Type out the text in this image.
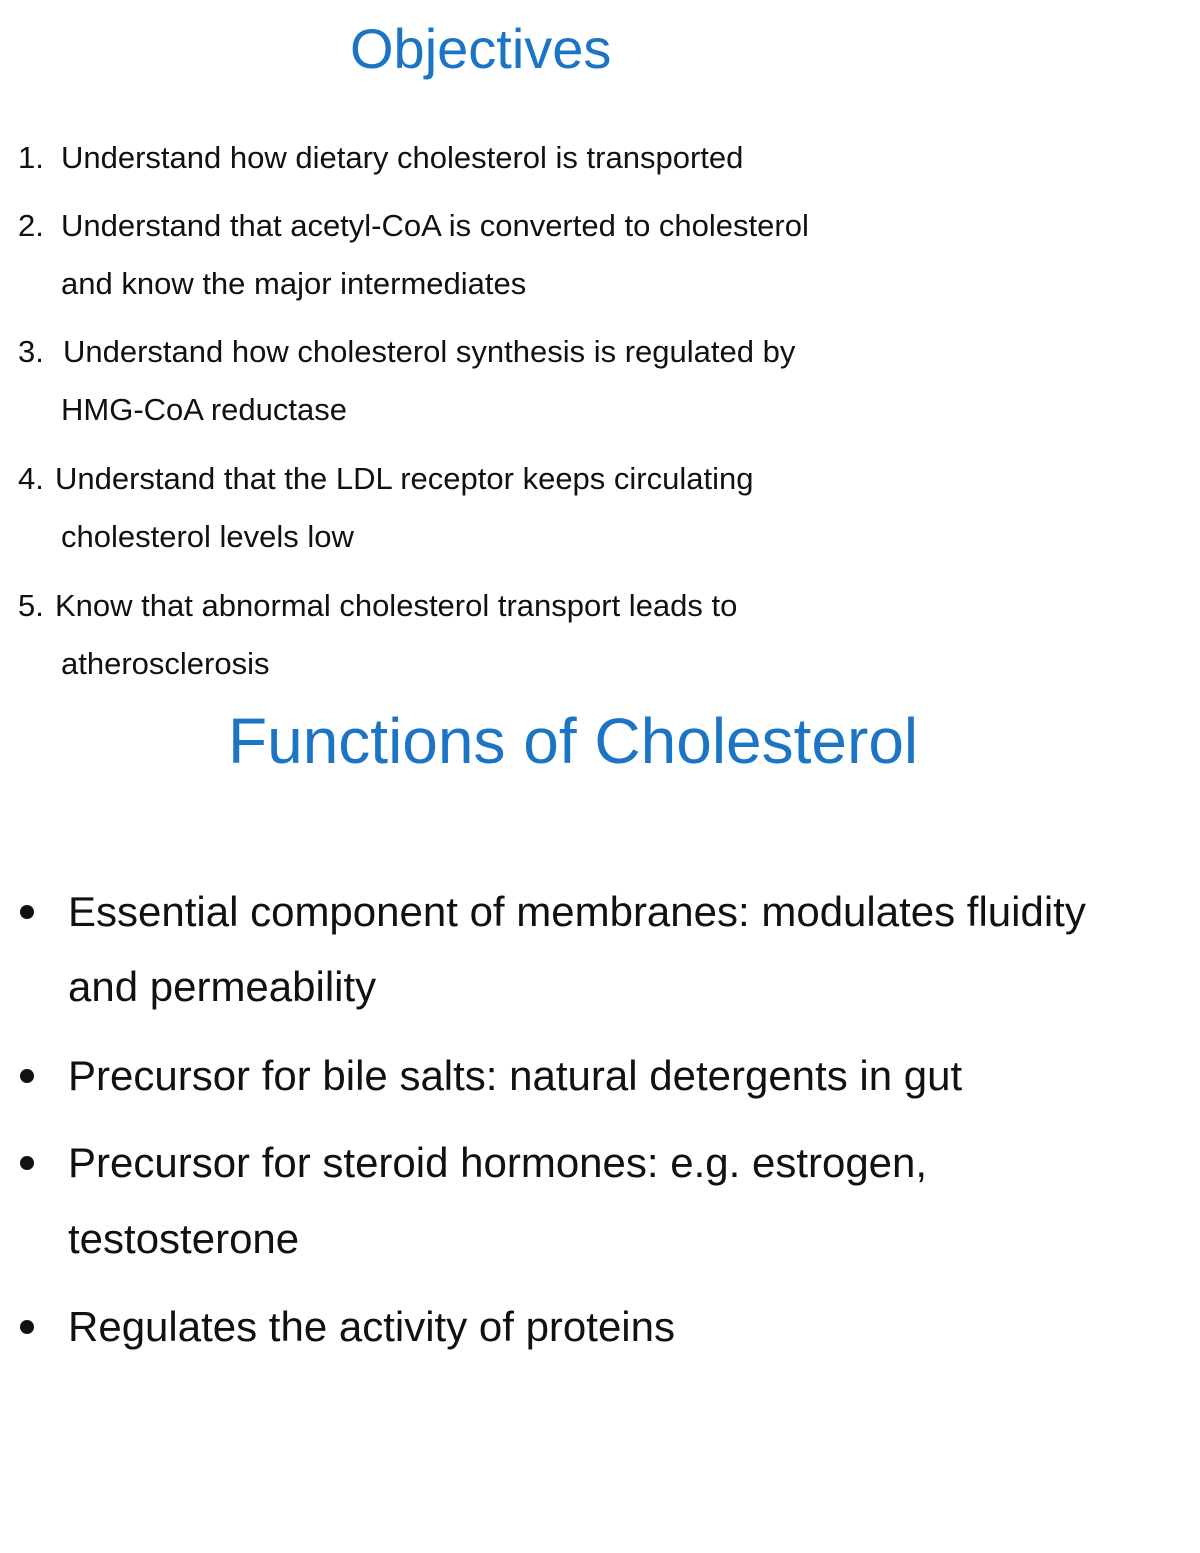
Objectives

1. Understand how dietary cholesterol is transported

2. Understand that acetyl-CoA is converted to cholesterol

and know the major intermediates

3. Understand how cholesterol synthesis is regulated by

HMG-CoA reductase

4. Understand that the LDL receptor keeps circulating

cholesterol levels low

5. Know that abnormal cholesterol transport leads to

atherosclerosis

Functions of Cholesterol

Essential component of membranes: modulates fluidity

and permeability

Precursor for bile salts: natural detergents in gut

Precursor for steroid hormones: e.g. estrogen,

testosterone

Regulates the activity of proteins
